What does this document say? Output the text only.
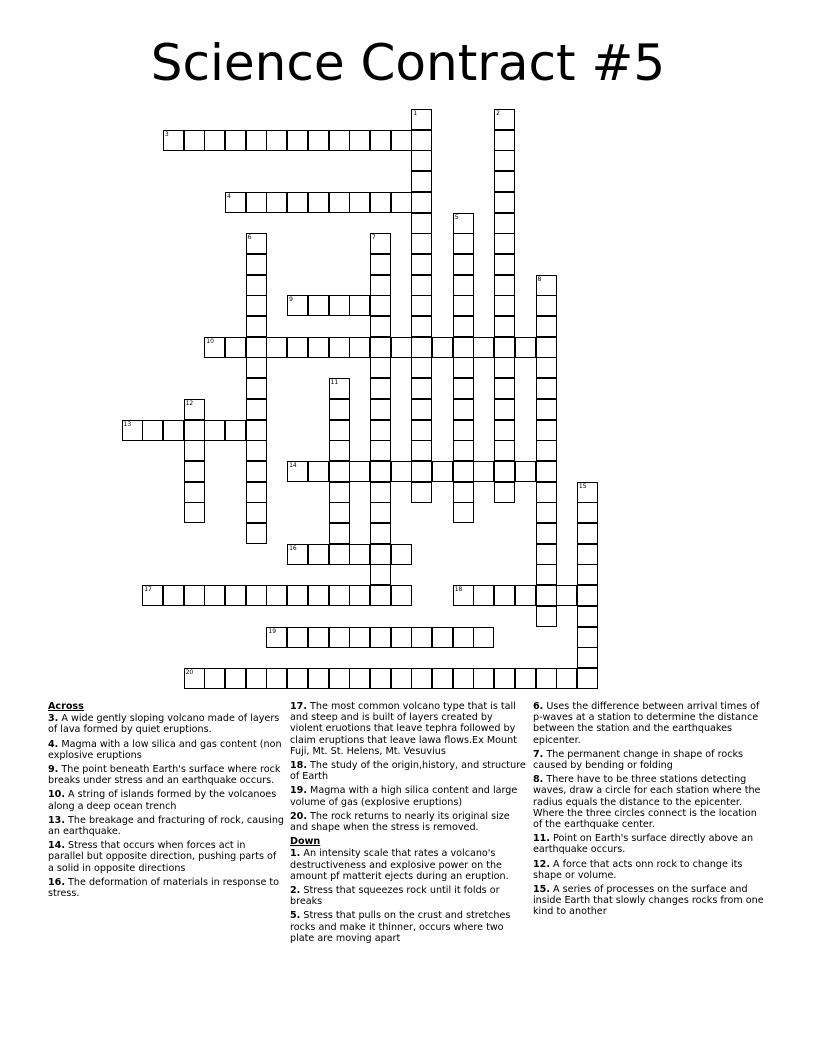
Science Contract #5
1	2
3
4
5
6	7
8
9
10
11
12
13
14
15
16
17	18
19
20
Across
3. A wide gently sloping volcano made of layers of lava formed by quiet eruptions.
4. Magma with a low silica and gas content (non explosive eruptions
9. The point beneath Earth's surface where rock breaks under stress and an earthquake occurs.
10. A string of islands formed by the volcanoes along a deep ocean trench
13. The breakage and fracturing of rock, causing an earthquake.
14. Stress that occurs when forces act in parallel but opposite direction, pushing parts of a solid in opposite directions
16. The deformation of materials in response to stress.
17. The most common volcano type that is tall and steep and is built of layers created by violent eruotions that leave tephra followed by claim eruptions that leave lawa flows.Ex Mount Fuji, Mt. St. Helens, Mt. Vesuvius
18. The study of the origin,history, and structure of Earth
19. Magma with a high silica content and large volume of gas (explosive eruptions)
20. The rock returns to nearly its original size and shape when the stress is removed.
Down
1. An intensity scale that rates a volcano's destructiveness and explosive power on the amount pf matterit ejects during an eruption.
2. Stress that squeezes rock until it folds or breaks
5. Stress that pulls on the crust and stretches rocks and make it thinner, occurs where two plate are moving apart
6. Uses the difference between arrival times of p-waves at a station to determine the distance between the station and the earthquakes epicenter.
7. The permanent change in shape of rocks caused by bending or folding
8. There have to be three stations detecting waves, draw a circle for each station where the radius equals the distance to the epicenter. Where the three circles connect is the location of the earthquake center.
11. Point on Earth's surface directly above an earthquake occurs.
12. A force that acts onn rock to change its shape or volume.
15. A series of processes on the surface and inside Earth that slowly changes rocks from one kind to another
